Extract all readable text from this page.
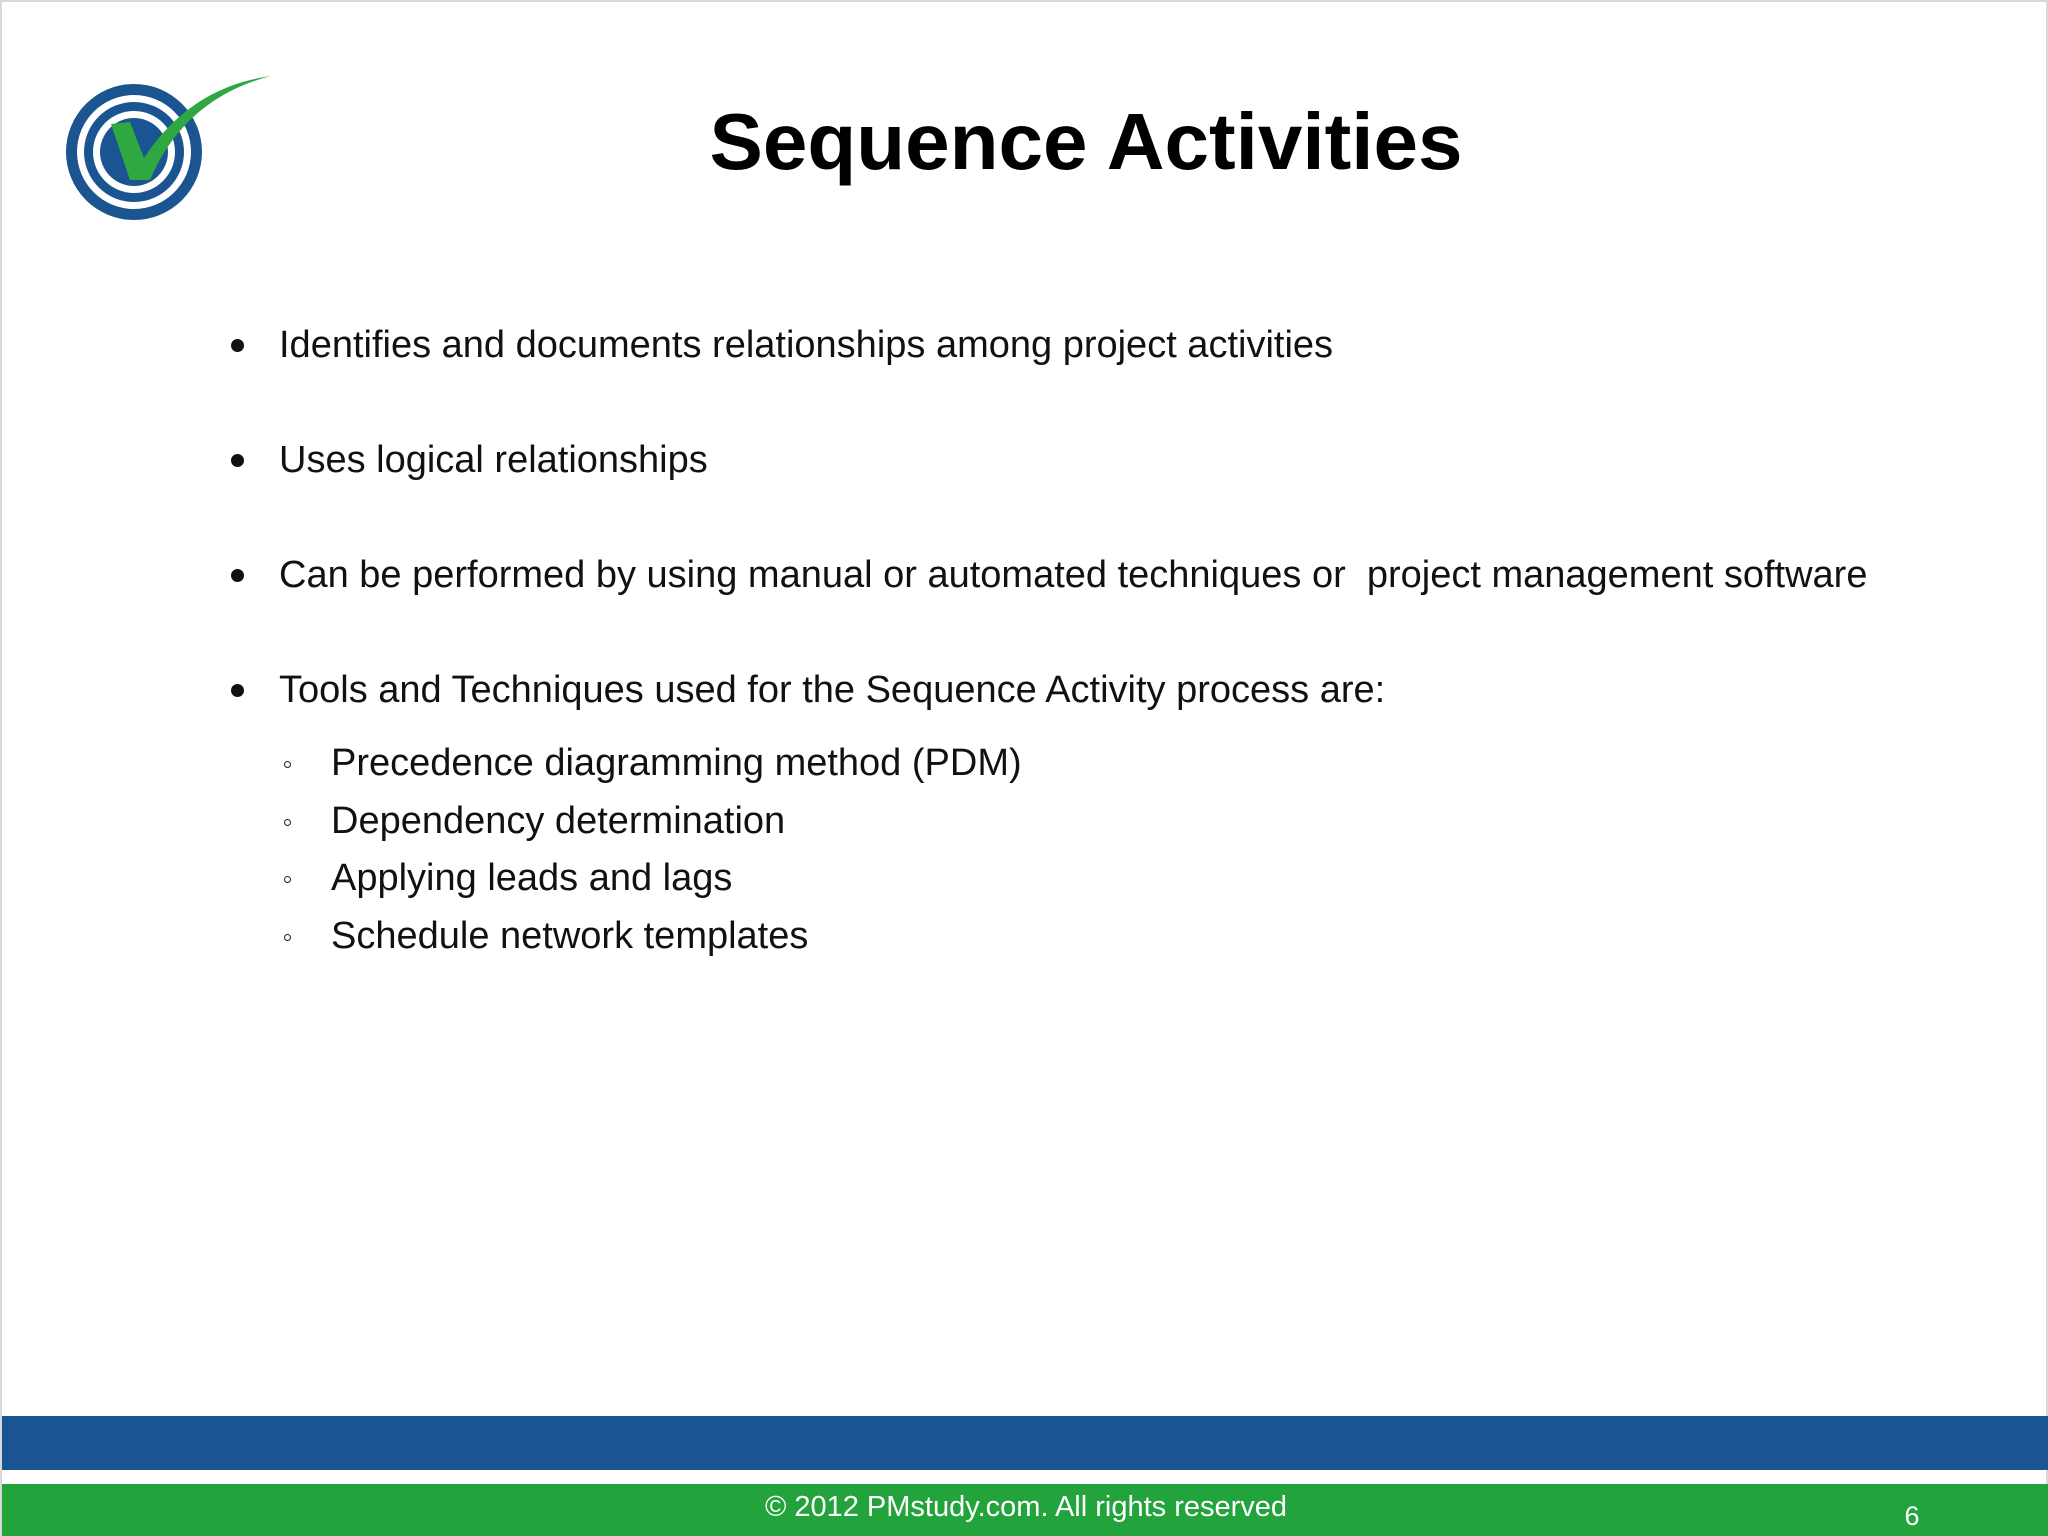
Sequence Activities
Identifies and documents relationships among project activities
Uses logical relationships
Can be performed by using manual or automated techniques or  project management software
Tools and Techniques used for the Sequence Activity process are:
Precedence diagramming method (PDM)
Dependency determination
Applying leads and lags
Schedule network templates
© 2012 PMstudy.com. All rights reserved	6
